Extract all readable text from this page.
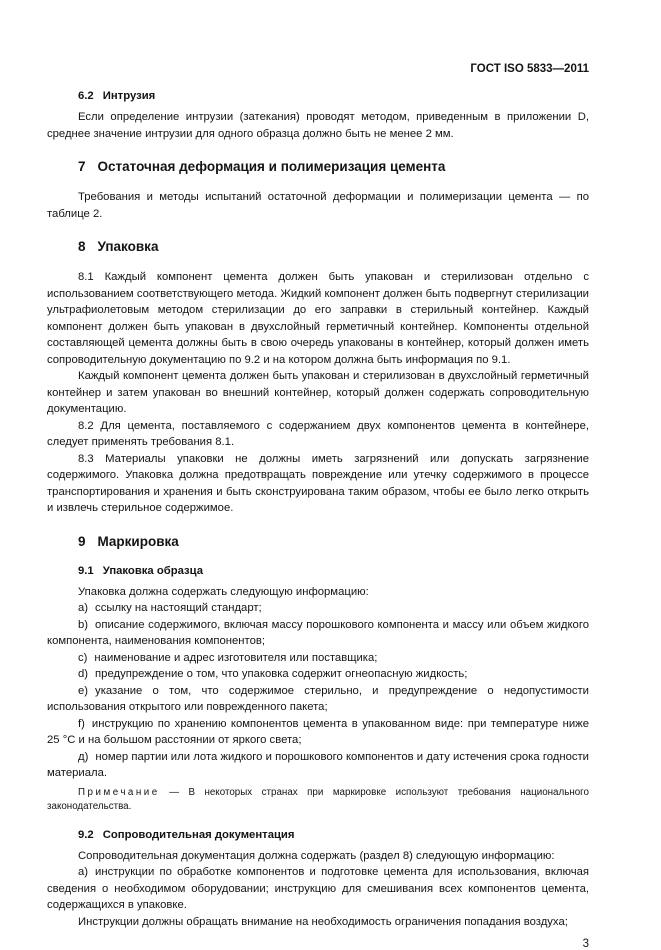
ГОСТ ISO 5833—2011
6.2 Интрузия

Если определение интрузии (затекания) проводят методом, приведенным в приложении D, среднее значение интрузии для одного образца должно быть не менее 2 мм.

7 Остаточная деформация и полимеризация цемента

Требования и методы испытаний остаточной деформации и полимеризации цемента — по таблице 2.

8 Упаковка

8.1 Каждый компонент цемента должен быть упакован и стерилизован отдельно с использованием соответствующего метода. Жидкий компонент должен быть подвергнут стерилизации ультрафиолетовым методом стерилизации до его заправки в стерильный контейнер. Каждый компонент должен быть упакован в двухслойный герметичный контейнер. Компоненты отдельной составляющей цемента должны быть в свою очередь упакованы в контейнер, который должен иметь сопроводительную документацию по 9.2 и на котором должна быть информация по 9.1.

Каждый компонент цемента должен быть упакован и стерилизован в двухслойный герметичный контейнер и затем упакован во внешний контейнер, который должен содержать сопроводительную документацию.

8.2 Для цемента, поставляемого с содержанием двух компонентов цемента в контейнере, следует применять требования 8.1.

8.3 Материалы упаковки не должны иметь загрязнений или допускать загрязнение содержимого. Упаковка должна предотвращать повреждение или утечку содержимого в процессе транспортирования и хранения и быть сконструирована таким образом, чтобы ее было легко открыть и извлечь стерильное содержимое.

9 Маркировка
9.1 Упаковка образца

Упаковка должна содержать следующую информацию:

a) ссылку на настоящий стандарт;

b) описание содержимого, включая массу порошкового компонента и массу или объем жидкого компонента, наименования компонентов;

c) наименование и адрес изготовителя или поставщика;

d) предупреждение о том, что упаковка содержит огнеопасную жидкость;

e) указание о том, что содержимое стерильно, и предупреждение о недопустимости использования открытого или поврежденного пакета;

f) инструкцию по хранению компонентов цемента в упакованном виде: при температуре ниже 25 °С и на большом расстоянии от яркого света;

д) номер партии или лота жидкого и порошкового компонентов и дату истечения срока годности материала.

Примечание — В некоторых странах при маркировке используют требования национального законодательства.

9.2 Сопроводительная документация

Сопроводительная документация должна содержать (раздел 8) следующую информацию:

а) инструкции по обработке компонентов и подготовке цемента для использования, включая сведения о необходимом оборудовании; инструкцию для смешивания всех компонентов цемента, содержащихся в упаковке.

Инструкции должны обращать внимание на необходимость ограничения попадания воздуха;

3
